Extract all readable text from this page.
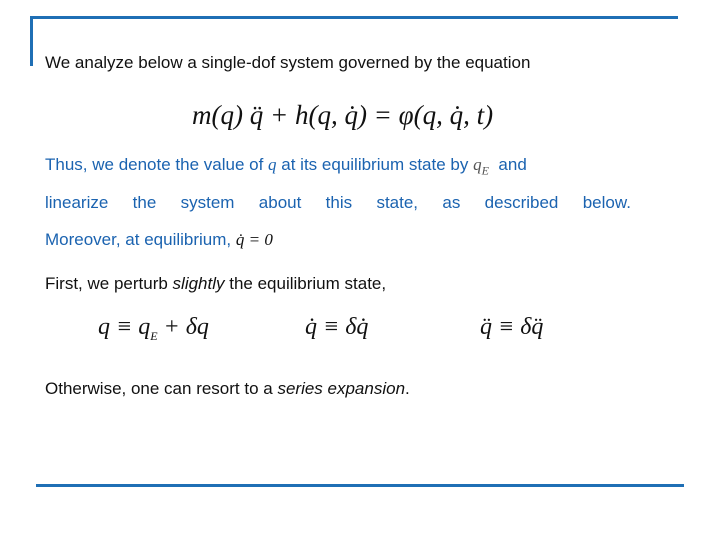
We analyze below a single-dof system governed by the equation
m(q) q̈ + h(q, q̇) = φ(q, q̇, t)
Thus, we denote the value of q at its equilibrium state by $q_E$ and
linearize the system about this state, as described below.
Moreover, at equilibrium, q̇ = 0
First, we perturb slightly the equilibrium state,
$q \equiv q_E + \delta q$	q̇ ≡ δq̇	q̈ ≡ δq̈
Otherwise, one can resort to a series expansion.
